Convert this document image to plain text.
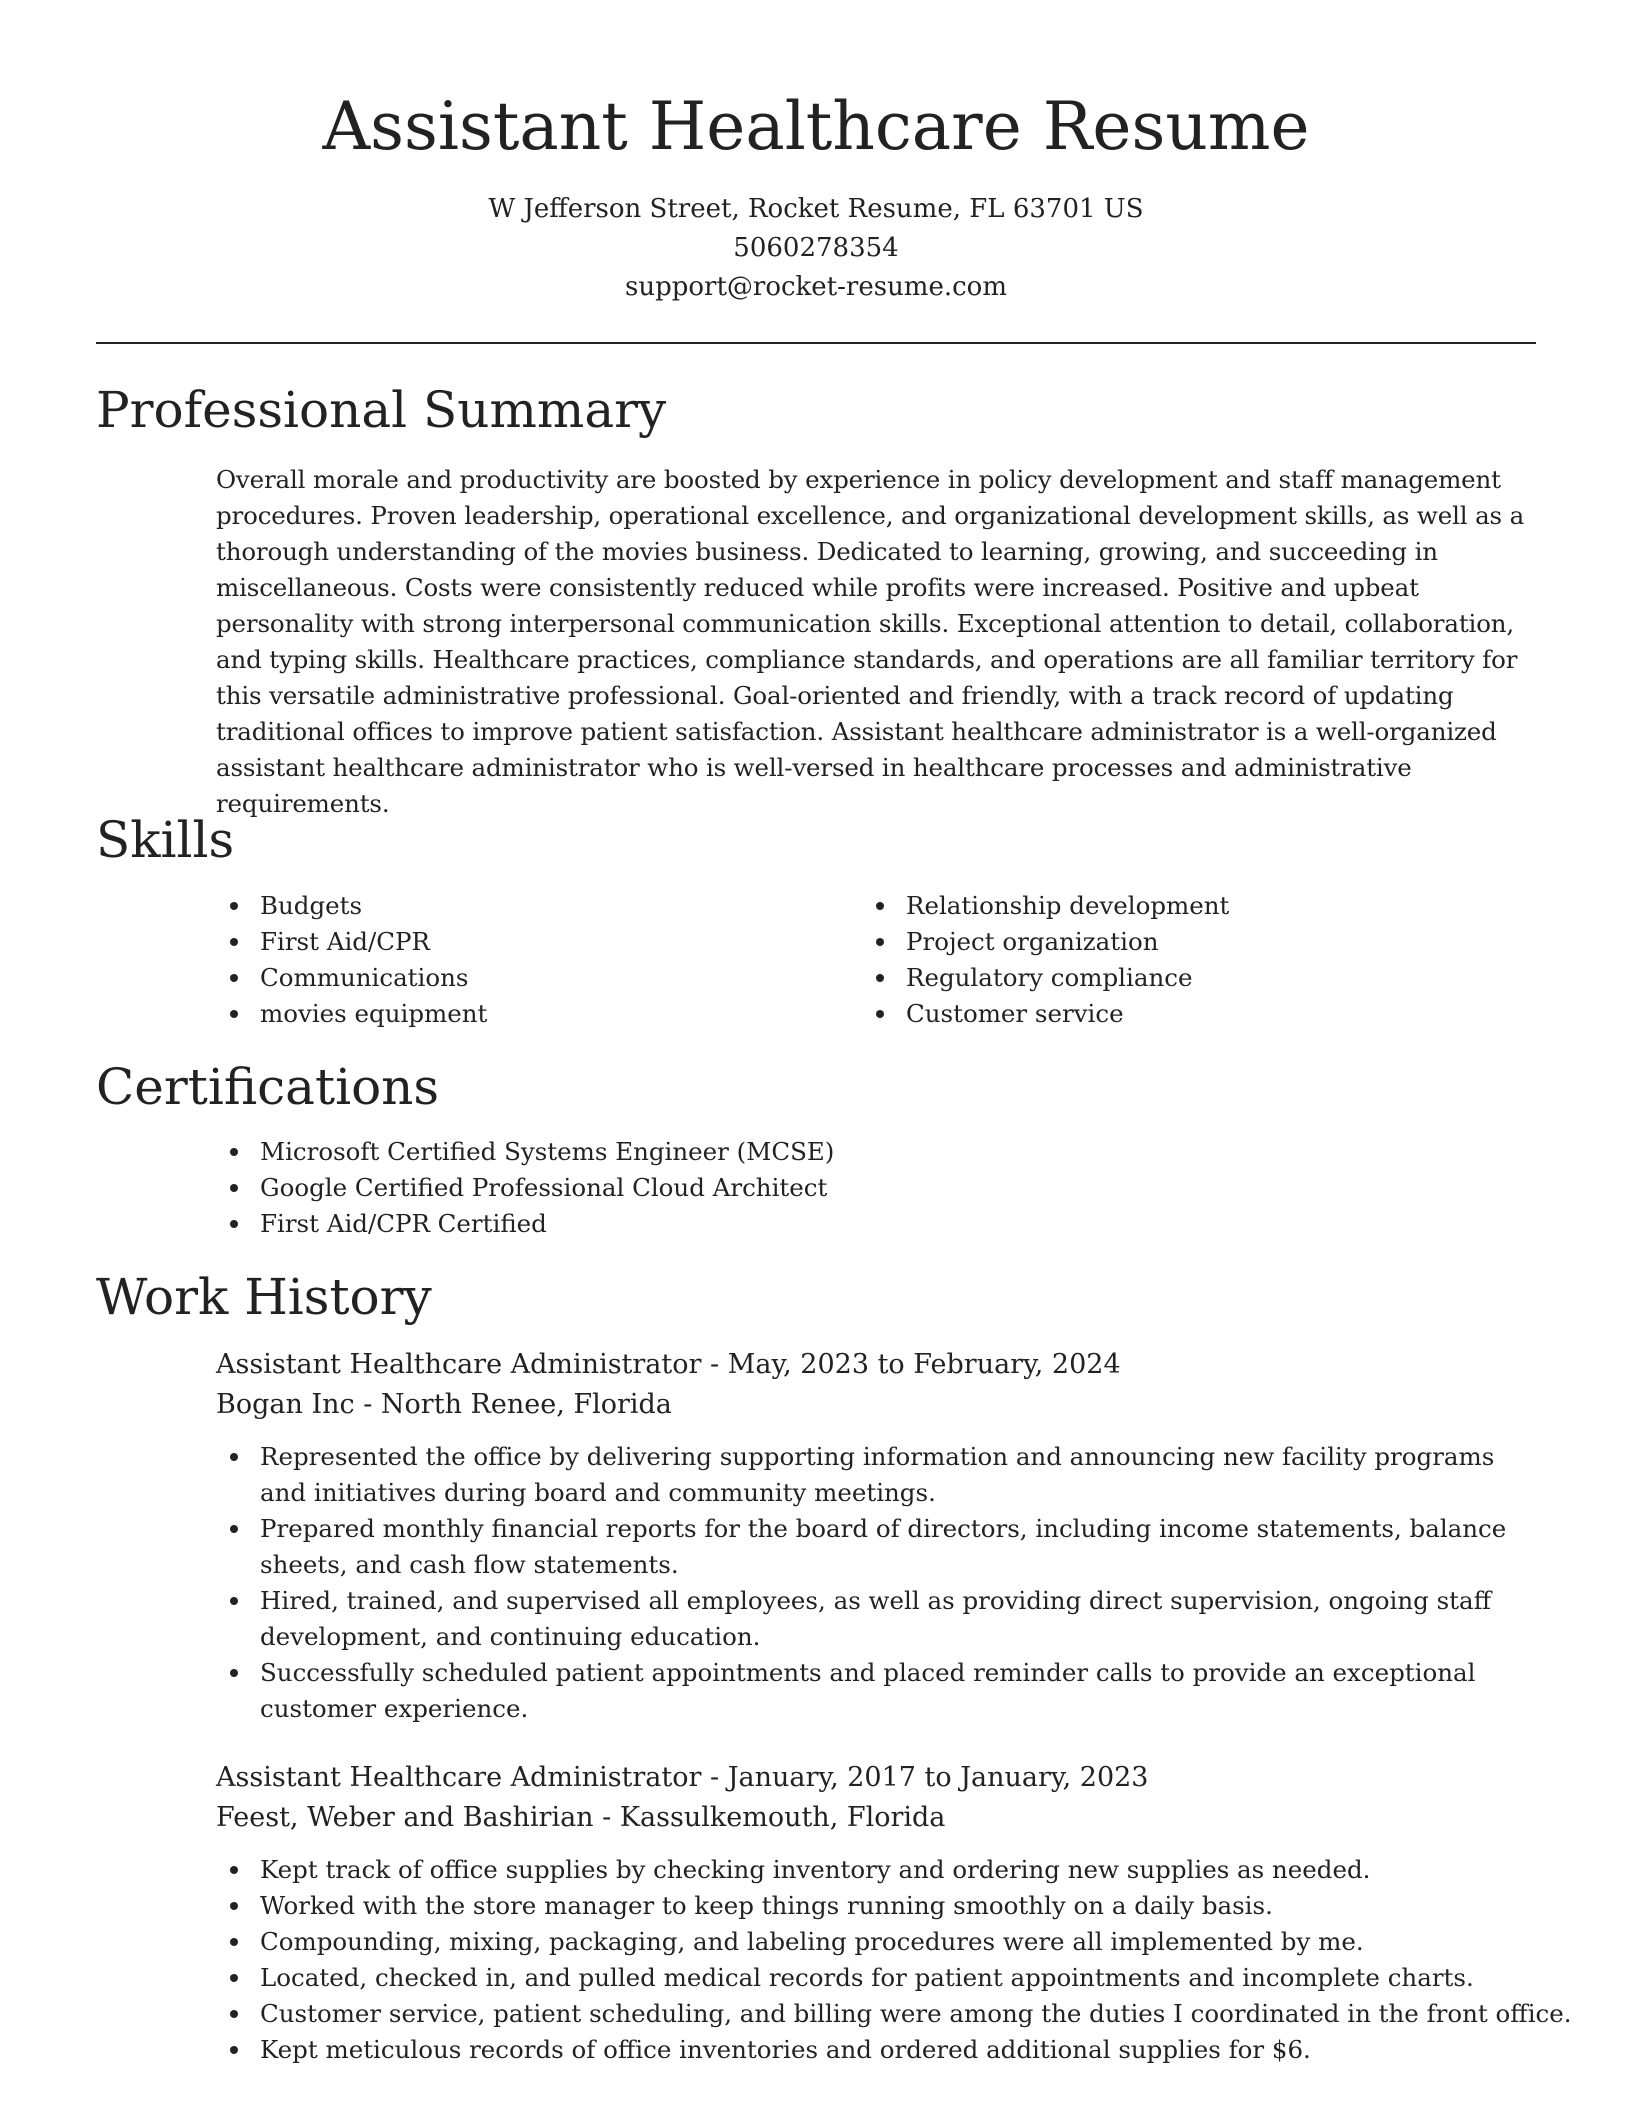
Assistant Healthcare Resume
W Jefferson Street, Rocket Resume, FL 63701 US
5060278354
support@rocket-resume.com
Professional Summary

Overall morale and productivity are boosted by experience in policy development and staff management procedures. Proven leadership, operational excellence, and organizational development skills, as well as a thorough understanding of the movies business. Dedicated to learning, growing, and succeeding in miscellaneous. Costs were consistently reduced while profits were increased. Positive and upbeat personality with strong interpersonal communication skills. Exceptional attention to detail, collaboration, and typing skills. Healthcare practices, compliance standards, and operations are all familiar territory for this versatile administrative professional. Goal-oriented and friendly, with a track record of updating traditional offices to improve patient satisfaction. Assistant healthcare administrator is a well-organized assistant healthcare administrator who is well-versed in healthcare processes and administrative requirements.

Skills
Budgets
First Aid/CPR
Communications
movies equipment
Relationship development
Project organization
Regulatory compliance
Customer service
Certifications
Microsoft Certified Systems Engineer (MCSE)
Google Certified Professional Cloud Architect
First Aid/CPR Certified
Work History
Assistant Healthcare Administrator - May, 2023 to February, 2024
Bogan Inc - North Renee, Florida
Represented the office by delivering supporting information and announcing new facility programs and initiatives during board and community meetings.
Prepared monthly financial reports for the board of directors, including income statements, balance sheets, and cash flow statements.
Hired, trained, and supervised all employees, as well as providing direct supervision, ongoing staff development, and continuing education.
Successfully scheduled patient appointments and placed reminder calls to provide an exceptional customer experience.
Assistant Healthcare Administrator - January, 2017 to January, 2023
Feest, Weber and Bashirian - Kassulkemouth, Florida
Kept track of office supplies by checking inventory and ordering new supplies as needed.
Worked with the store manager to keep things running smoothly on a daily basis.
Compounding, mixing, packaging, and labeling procedures were all implemented by me.
Located, checked in, and pulled medical records for patient appointments and incomplete charts.
Customer service, patient scheduling, and billing were among the duties I coordinated in the front office.
Kept meticulous records of office inventories and ordered additional supplies for $6.
